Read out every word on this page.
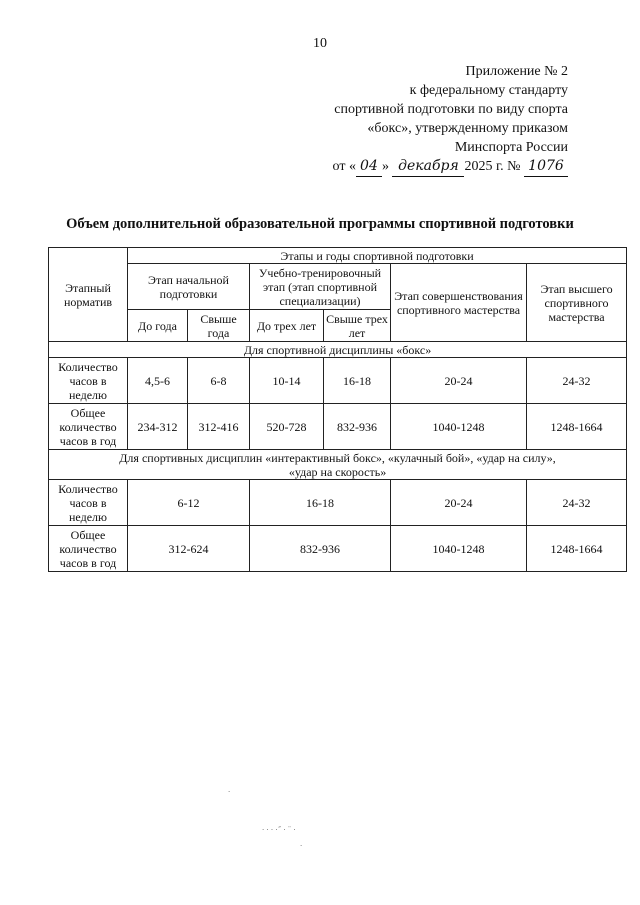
10
Приложение № 2
к федеральному стандарту
спортивной подготовки по виду спорта
«бокс», утвержденному приказом
Минспорта России
от « 04 » декабря 2025 г. № 1076
Объем дополнительной образовательной программы спортивной подготовки
Этапный норматив	Этапы и годы спортивной подготовки					
	Этап начальной подготовки		Учебно-тренировочный этап (этап спортивной специализации)		Этап совершенствования спортивного мастерства	Этап высшего спортивного мастерства
	До года	Свыше года	До трех лет	Свыше трех лет		
Для спортивной дисциплины «бокс»						
Количество часов в неделю	4,5-6	6-8	10-14	16-18	20-24	24-32
Общее количество часов в год	234-312	312-416	520-728	832-936	1040-1248	1248-1664

Для спортивных дисциплин «интерактивный бокс», «кулачный бой», «удар на силу»,
«удар на скорость»						

Количество часов в неделю	6-12		16-18		20-24	24-32
Общее количество часов в год	312-624		832-936		1040-1248	1248-1664
·
· · · ·˝ · ¨ ·
·
